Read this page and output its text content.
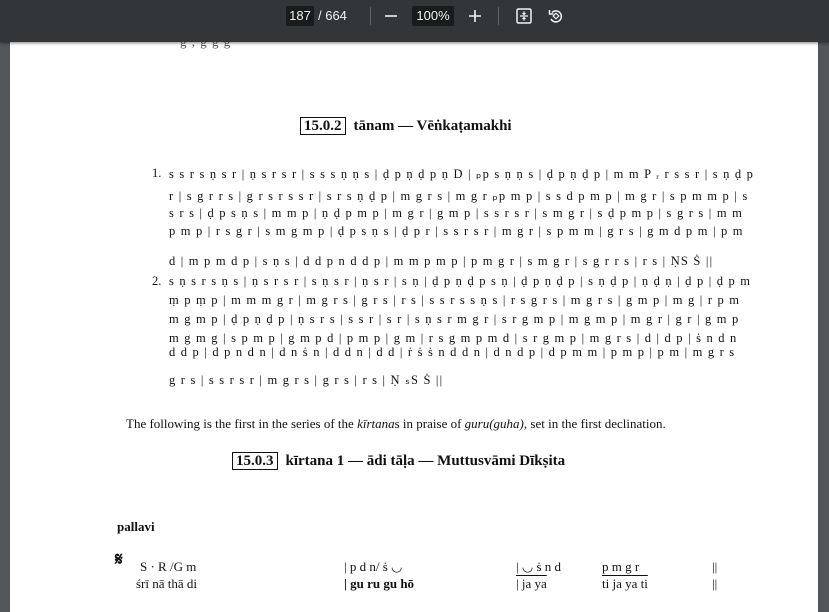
187 / 664	100%
15.0.2 tānam — Vēṅkaṭamakhi
1. s s r s ṇ s r | ṇ s r s r | s s s ṇ ṇ s | ḍ p ṇ ḍ p ṇ D | ₚp s ṇ ṇ s | ḍ p ṇ ḍ p | m m P ᵣ r s s r | s ṇ ḍ p
r | s g r r s | g r s r s s r | s r s ṇ ḍ p | m g r s | m g r ₚp m p | s s d p m p | m g r | s p m m p | s
s r s | ḍ p s ṇ s | m m p | ṇ ḍ p m p | m g r | g m p | s s r s r | s m g r | s ḍ p m p | s g r s | m m
p m p | r s g r | s m g m p | ḍ p s ṇ s | ḍ p r | s s r s r | m g r | s p m m | g r s | g m d p m | p m
d | m p m d p | s ṇ s | d d p n d d p | m m p m p | p m g r | s m g r | s g r r s | r s | ṆS Ṡ ||
2. s ṇ s r s ṇ s | ṇ s r s r | s ṇ s r | ṇ s r | s ṇ | ḍ p ṇ ḍ p s ṇ | ḍ p ṇ ḍ p | s ṇ ḍ p | ṇ ḍ ṇ | ḍ p | ḍ p m
ṃ p ṃ p | m m m g r | m g r s | g r s | r s | s s r s s ṇ s | r s g r s | m g r s | g m p | m g | r p m
m g m p | ḍ p ṇ ḍ p | ṇ s r s | s s r | s r | s ṇ s r m g r | s r g m p | m g m p | m g r | g r | g m p
m g m g | s p m p | g m p d | p m p | g m | r s g m p m d | s r g m p | m g r s | d | d p | ṡ n d n
d d p | d p n d n | d n ṡ n | d d n | d d | ṙ ṡ ṡ n d d n | d n d p | d p m m | p m p | p m | m g r s
g r s | s s r s r | m g r s | g r s | r s | Ṇ ₛS Ṡ ||
The following is the first in the series of the kīrtanas in praise of guru(guha), set in the first declination.
15.0.3 kīrtana 1 — ādi tāḷa — Muttusvāmi Dīkṣita
pallavi
𝄋 S · R /G m	| p d n/ ṡ ◡	| ◡ ṡ n d	p m g r	||
śrī nā thā di	| gu ru gu hō	| ja ya	ti ja ya ti	||
